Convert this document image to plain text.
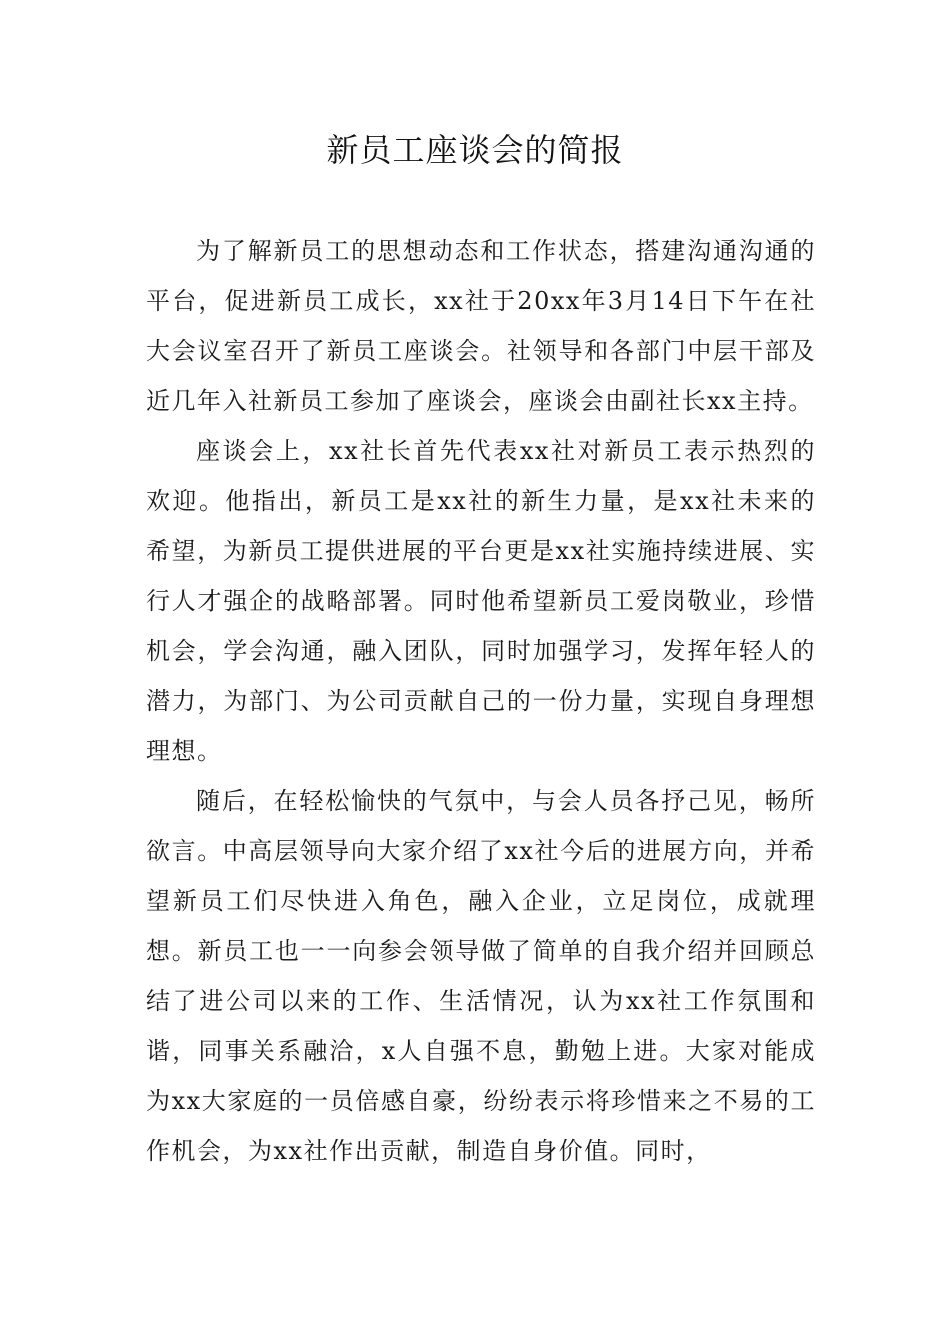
新员工座谈会的简报

为了解新员工的思想动态和工作状态，搭建沟通沟通的平台，促进新员工成长，xx社于20xx年3月14日下午在社大会议室召开了新员工座谈会。社领导和各部门中层干部及近几年入社新员工参加了座谈会，座谈会由副社长xx主持。

座谈会上，xx社长首先代表xx社对新员工表示热烈的欢迎。他指出，新员工是xx社的新生力量，是xx社未来的希望，为新员工提供进展的平台更是xx社实施持续进展、实行人才强企的战略部署。同时他希望新员工爱岗敬业，珍惜机会，学会沟通，融入团队，同时加强学习，发挥年轻人的潜力，为部门、为公司贡献自己的一份力量，实现自身理想理想。

随后，在轻松愉快的气氛中，与会人员各抒己见，畅所欲言。中高层领导向大家介绍了xx社今后的进展方向，并希望新员工们尽快进入角色，融入企业，立足岗位，成就理想。新员工也一一向参会领导做了简单的自我介绍并回顾总结了进公司以来的工作、生活情况，认为xx社工作氛围和谐，同事关系融洽，x人自强不息，勤勉上进。大家对能成为xx大家庭的一员倍感自豪，纷纷表示将珍惜来之不易的工作机会，为xx社作出贡献，制造自身价值。同时，
